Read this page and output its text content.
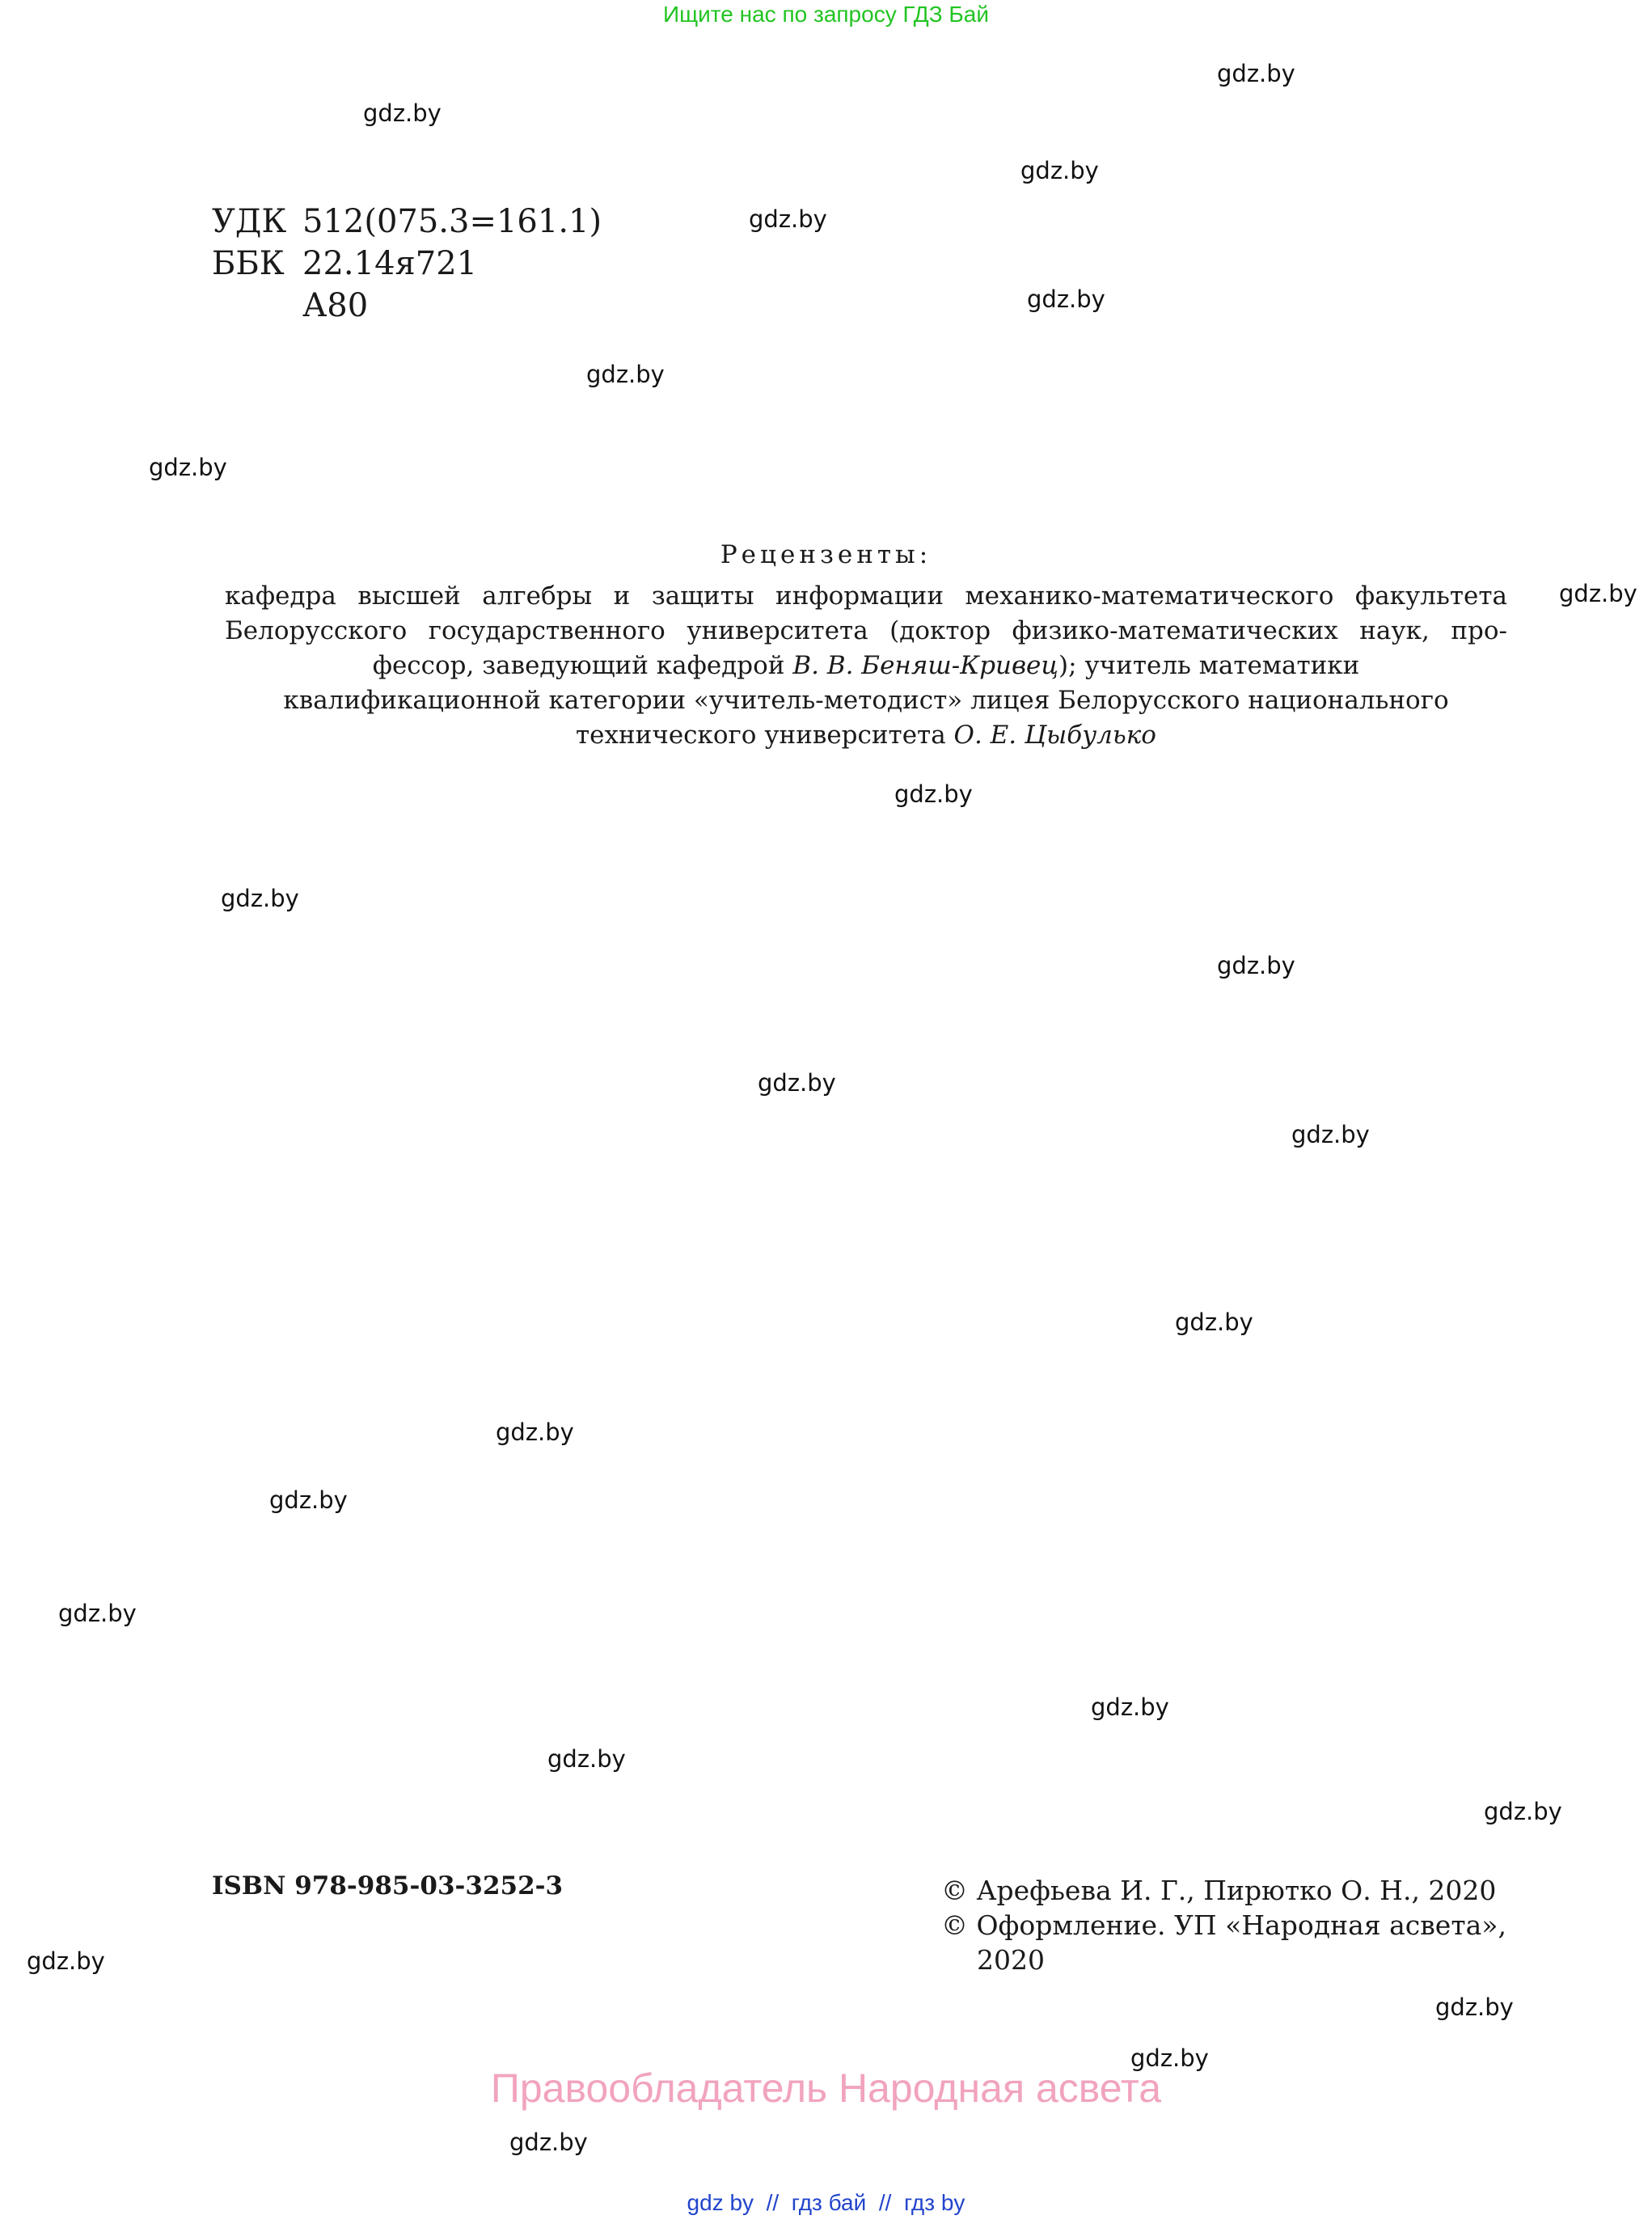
Ищите нас по запросу ГДЗ Бай
gdz.by
gdz.by
gdz.by
gdz.by
gdz.by
gdz.by
gdz.by
gdz.by
gdz.by
gdz.by
gdz.by
gdz.by
gdz.by
gdz.by
gdz.by
gdz.by
gdz.by
gdz.by
gdz.by
gdz.by
gdz.by
gdz.by
gdz.by
gdz.by
УДК 512(075.3=161.1)
ББК 22.14я721
А80
Рецензенты:
кафедра высшей алгебры и защиты информации механико-математического факультета
Белорусского государственного университета (доктор физико-математических наук, про-
фессор, заведующий кафедрой В. В. Беняш-Кривец); учитель математики
квалификационной категории «учитель-методист» лицея Белорусского национального
технического университета О. Е. Цыбулько
ISBN 978-985-03-3252-3	© Арефьева И. Г., Пирютко О. Н., 2020
© Оформление. УП «Народная асвета»,
2020
Правообладатель Народная асвета
gdz by // гдз бай // гдз by
